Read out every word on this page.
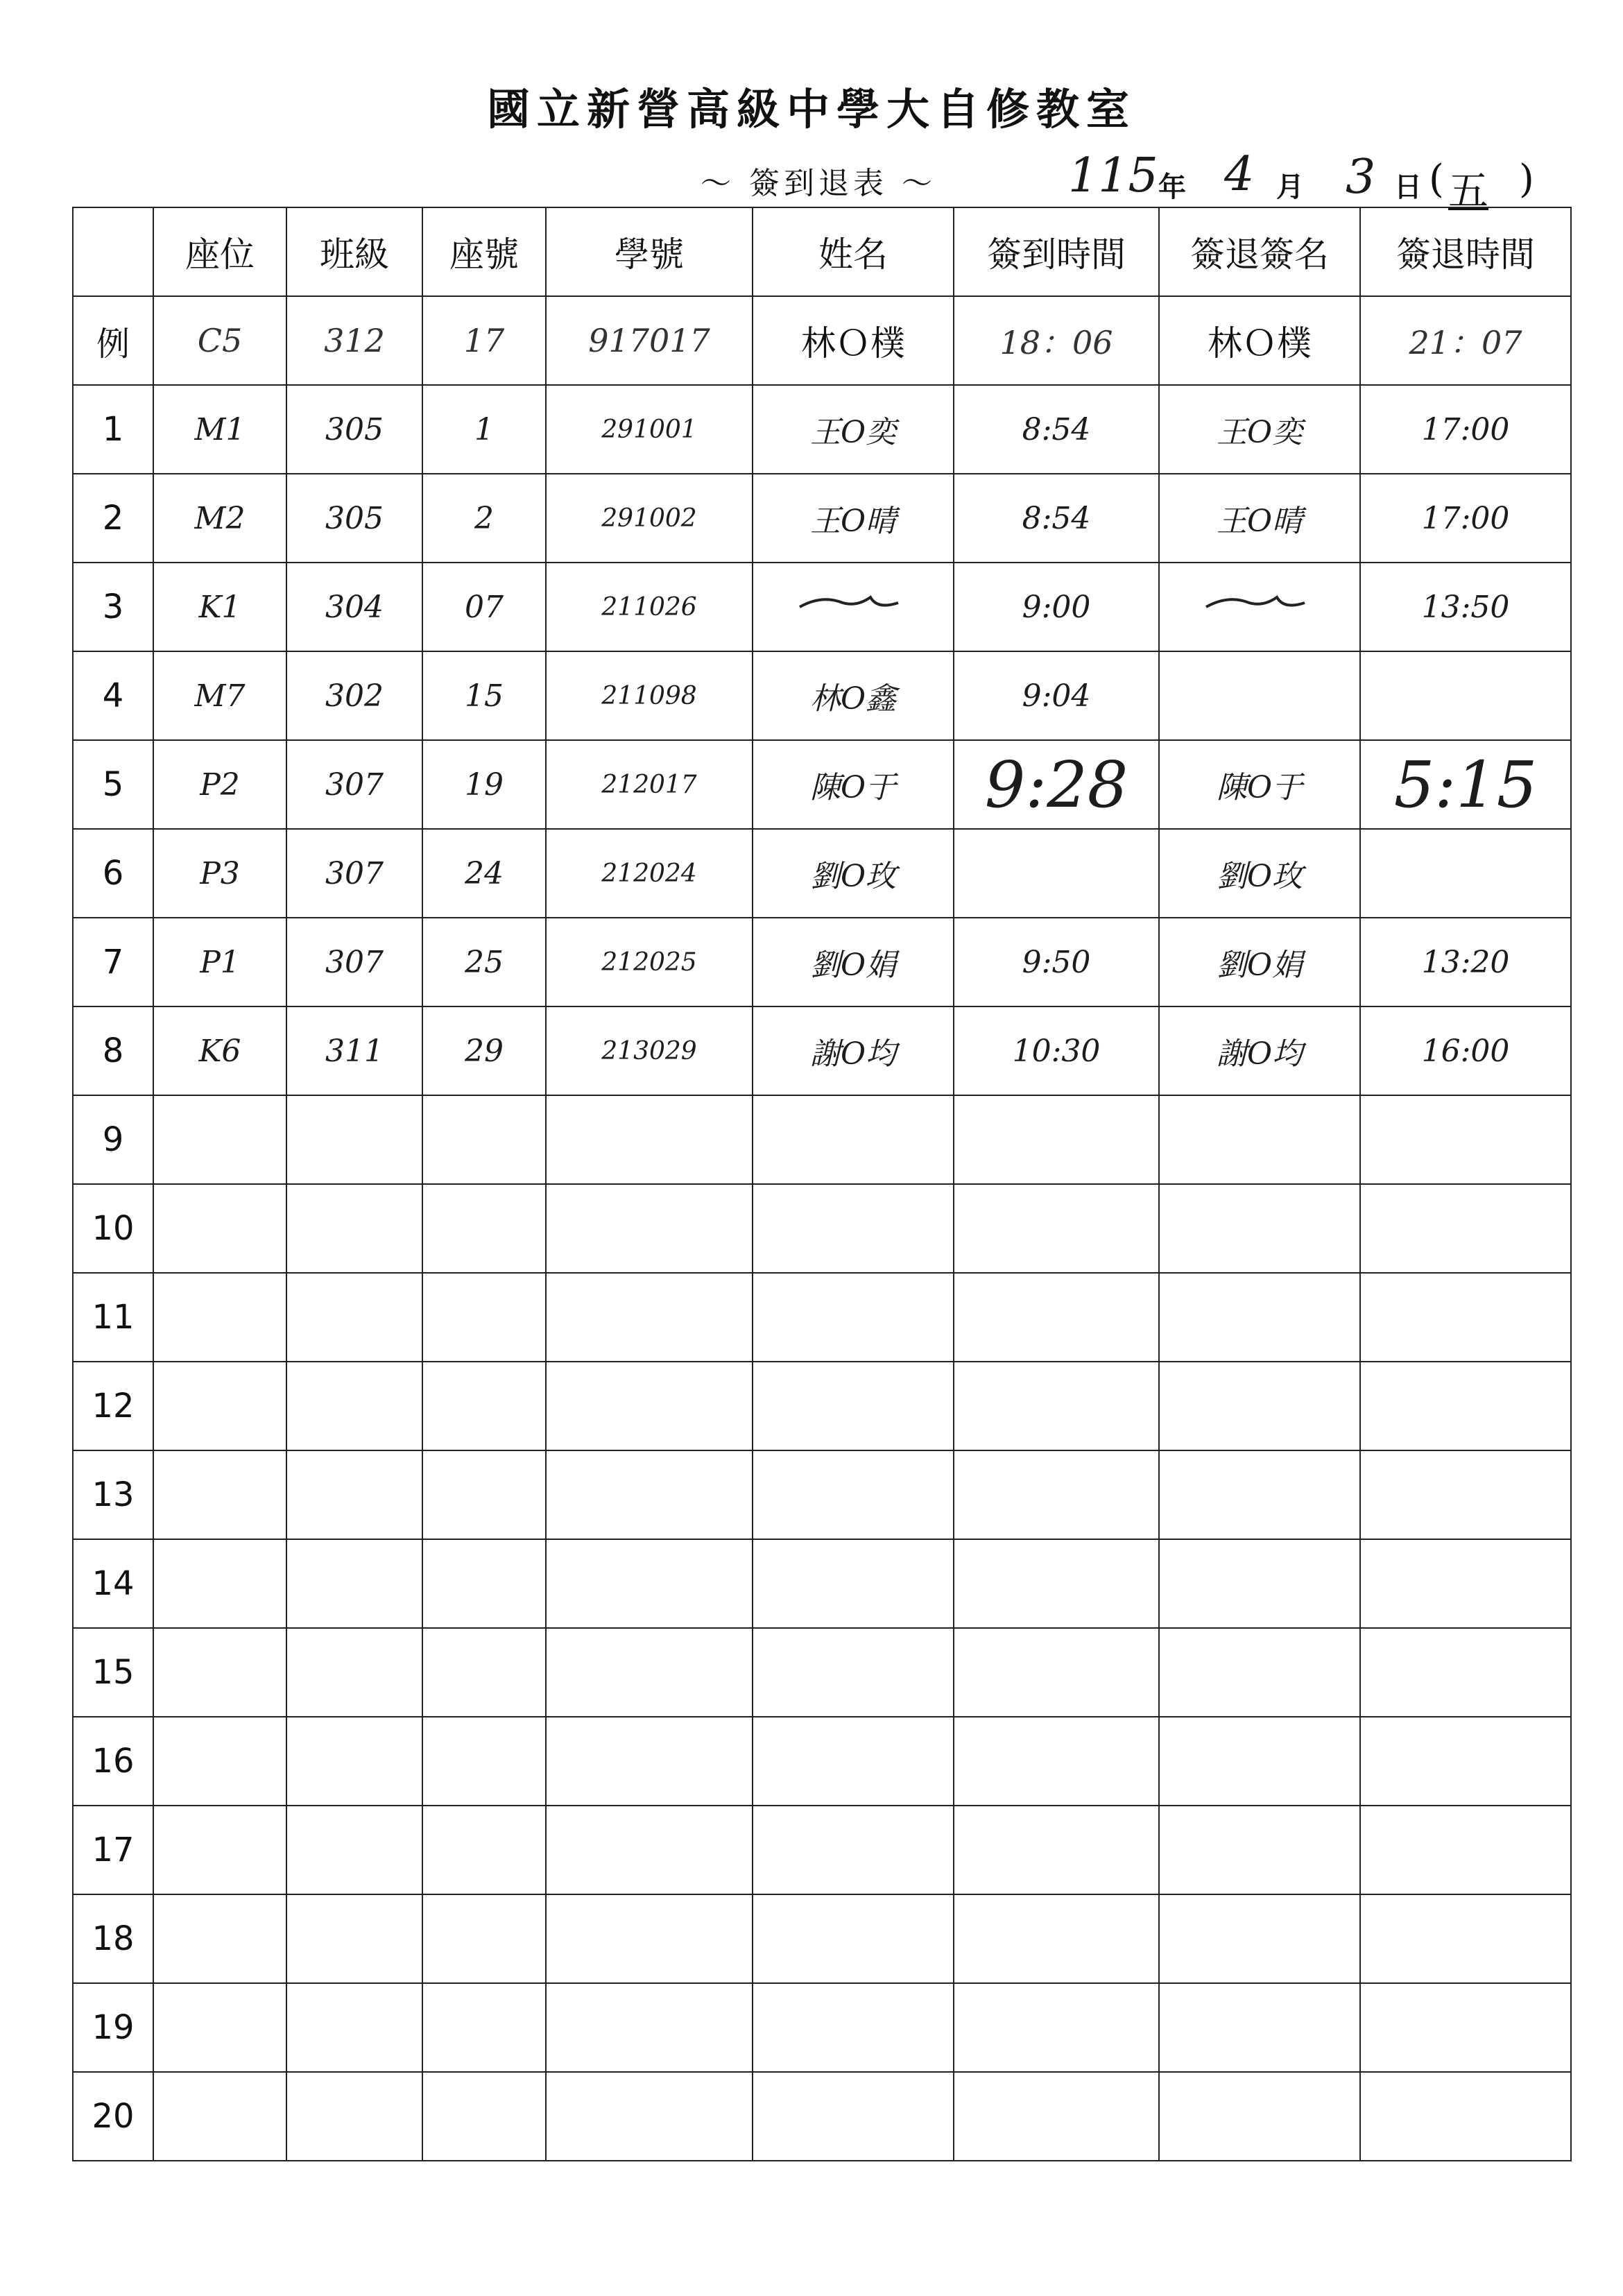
國立新營高級中學大自修教室
〜 簽到退表 〜	115 年 4 月 3 日 ( 五 )
	座位	班級	座號	學號	姓名	簽到時間	簽退簽名	簽退時間
例	C5	312	17	917017	林Ｏ樸	18：06	林Ｏ樸	21：07
1	M1	305	1	291001	王O奕	8:54	王O奕	17:00
2	M2	305	2	291002	王O晴	8:54	王O晴	17:00
3	K1	304	07	211026		9:00		13:50
4	M7	302	15	211098	林O鑫	9:04		
5	P2	307	19	212017	陳O于	9:28	陳O于	5:15
6	P3	307	24	212024	劉O玫		劉O玫	
7	P1	307	25	212025	劉O娟	9:50	劉O娟	13:20
8	K6	311	29	213029	謝O均	10:30	謝O均	16:00
9								
10								
11								
12								
13								
14								
15								
16								
17								
18								
19								
20								
